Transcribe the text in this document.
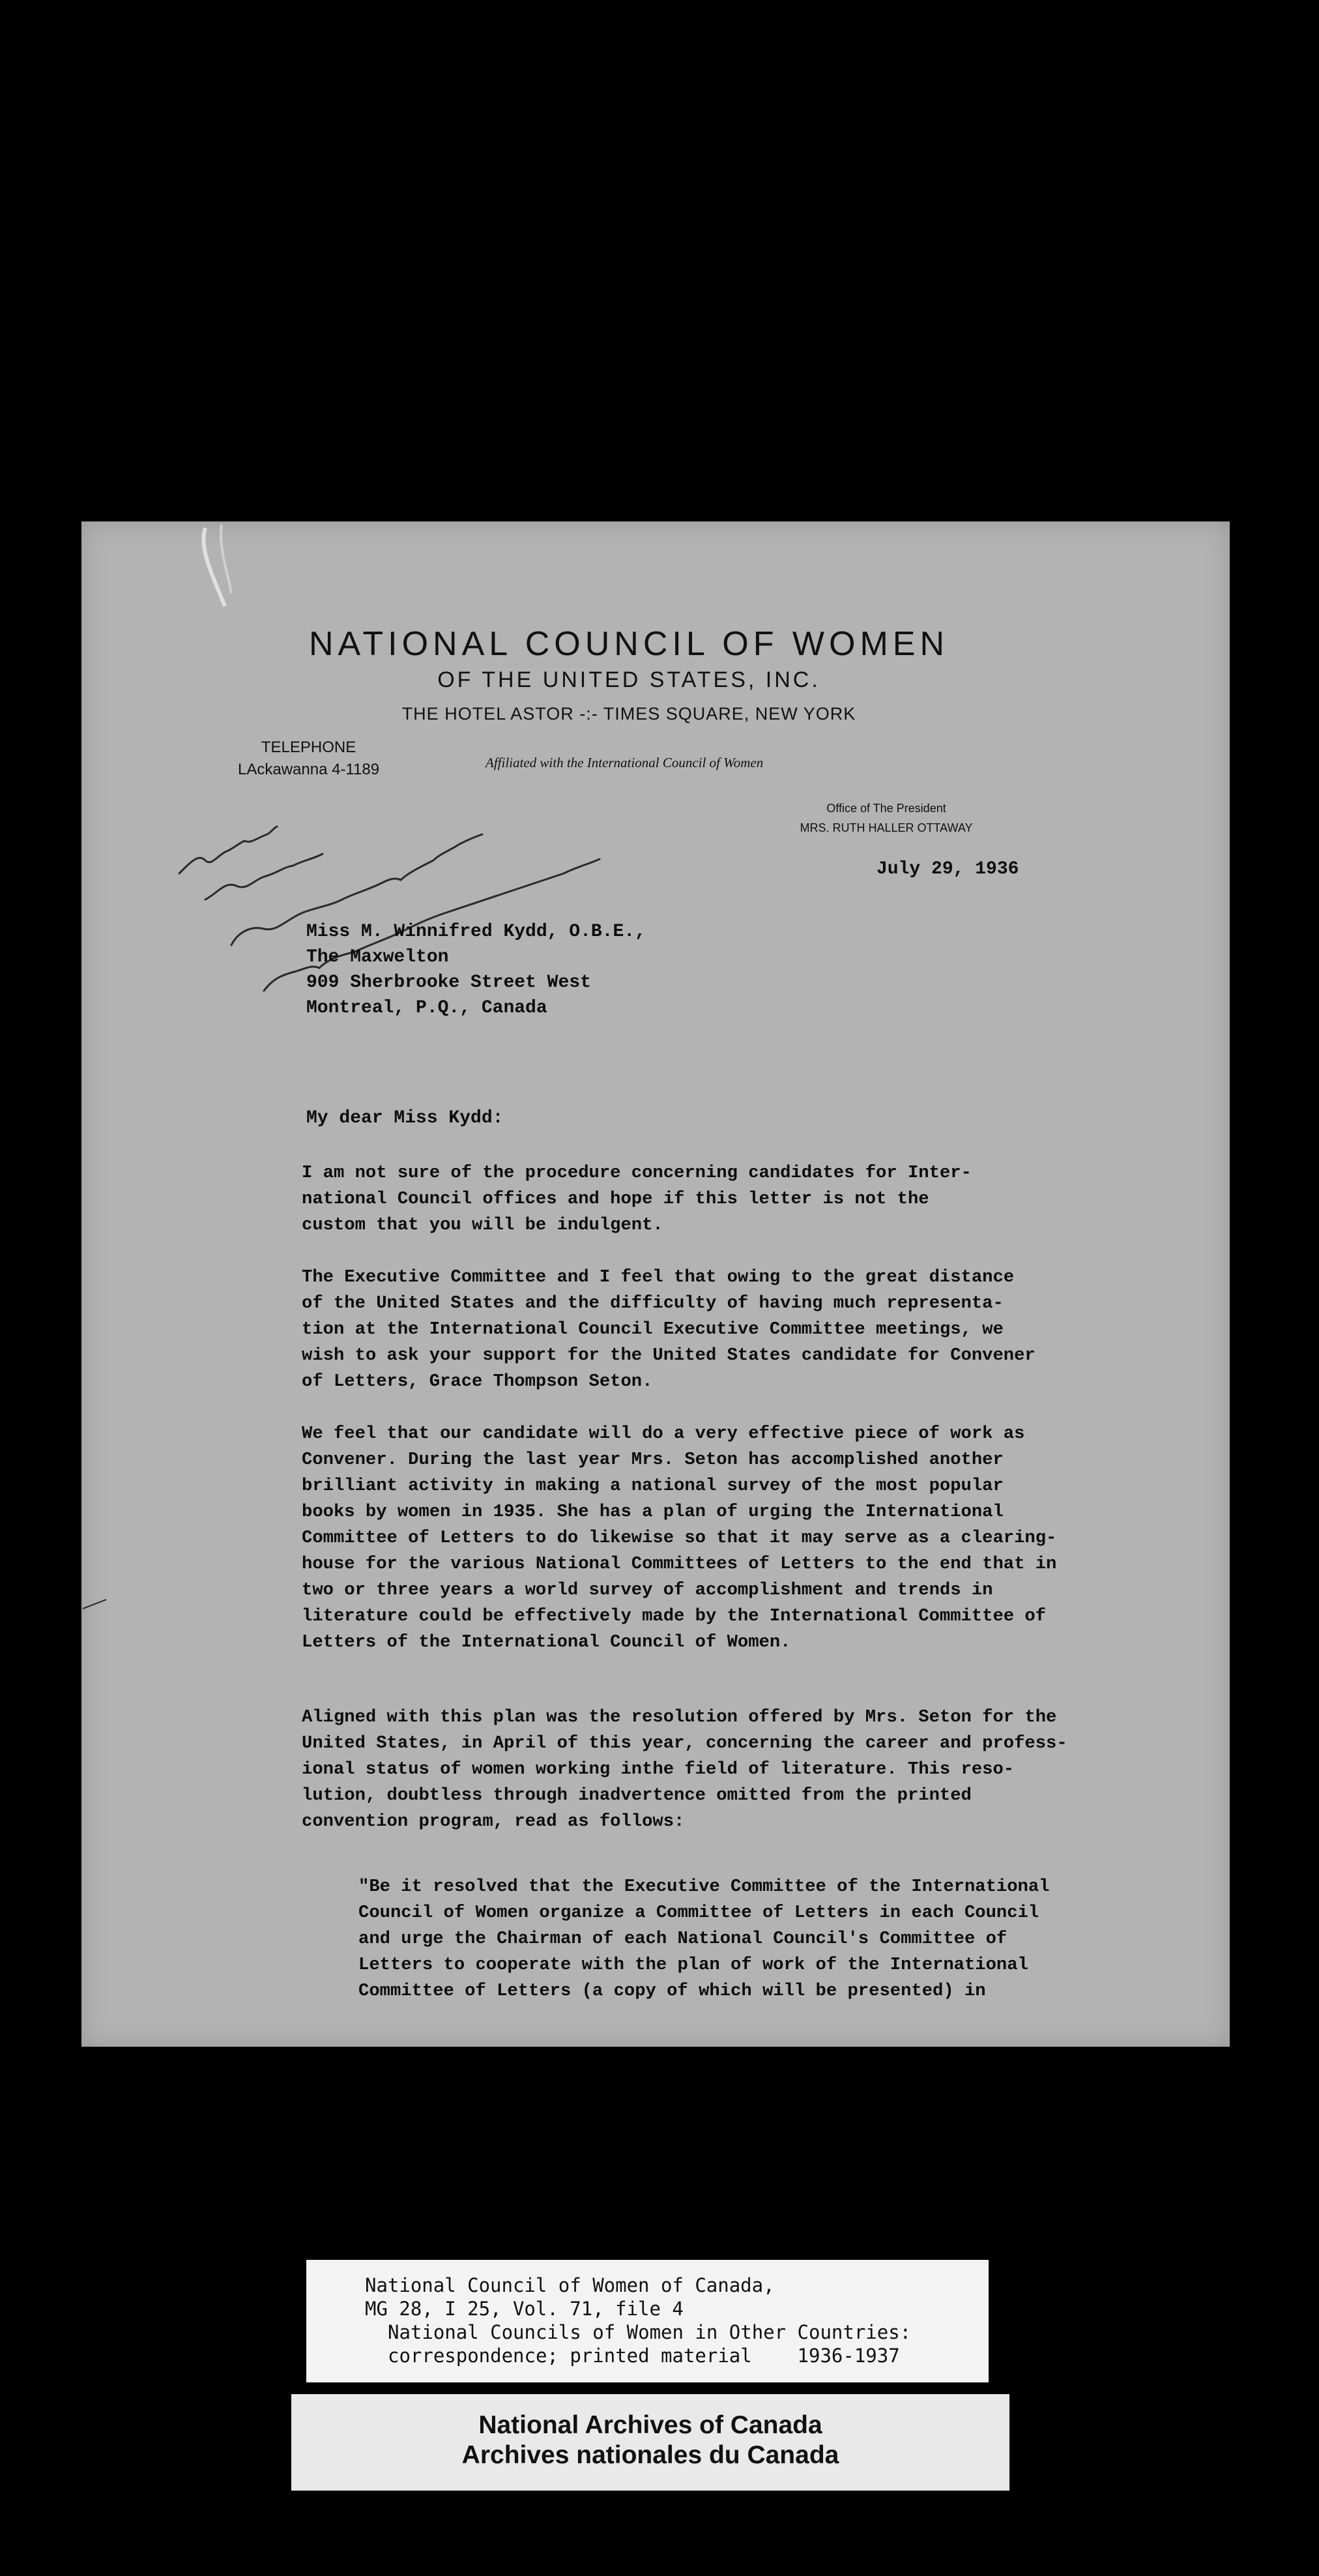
NATIONAL COUNCIL OF WOMEN
OF THE UNITED STATES, INC.
THE HOTEL ASTOR -:- TIMES SQUARE, NEW YORK
TELEPHONE
LAckawanna 4-1189	Affiliated with the International Council of Women
Office of The President
MRS. RUTH HALLER OTTAWAY
July 29, 1936
Miss M. Winnifred Kydd, O.B.E.,
The Maxwelton
909 Sherbrooke Street West
Montreal, P.Q., Canada
My dear Miss Kydd:
I am not sure of the procedure concerning candidates for Inter-
national Council offices and hope if this letter is not the
custom that you will be indulgent.
The Executive Committee and I feel that owing to the great distance
of the United States and the difficulty of having much representa-
tion at the International Council Executive Committee meetings, we
wish to ask your support for the United States candidate for Convener
of Letters, Grace Thompson Seton.
We feel that our candidate will do a very effective piece of work as
Convener. During the last year Mrs. Seton has accomplished another
brilliant activity in making a national survey of the most popular
books by women in 1935. She has a plan of urging the International
Committee of Letters to do likewise so that it may serve as a clearing-
house for the various National Committees of Letters to the end that in
two or three years a world survey of accomplishment and trends in
literature could be effectively made by the International Committee of
Letters of the International Council of Women.
Aligned with this plan was the resolution offered by Mrs. Seton for the
United States, in April of this year, concerning the career and profess-
ional status of women working inthe field of literature. This reso-
lution, doubtless through inadvertence omitted from the printed
convention program, read as follows:
"Be it resolved that the Executive Committee of the International
Council of Women organize a Committee of Letters in each Council
and urge the Chairman of each National Council's Committee of
Letters to cooperate with the plan of work of the International
Committee of Letters (a copy of which will be presented) in
National Council of Women of Canada,
MG 28, I 25, Vol. 71, file 4
National Councils of Women in Other Countries:
correspondence; printed material    1936-1937
National Archives of Canada
Archives nationales du Canada
